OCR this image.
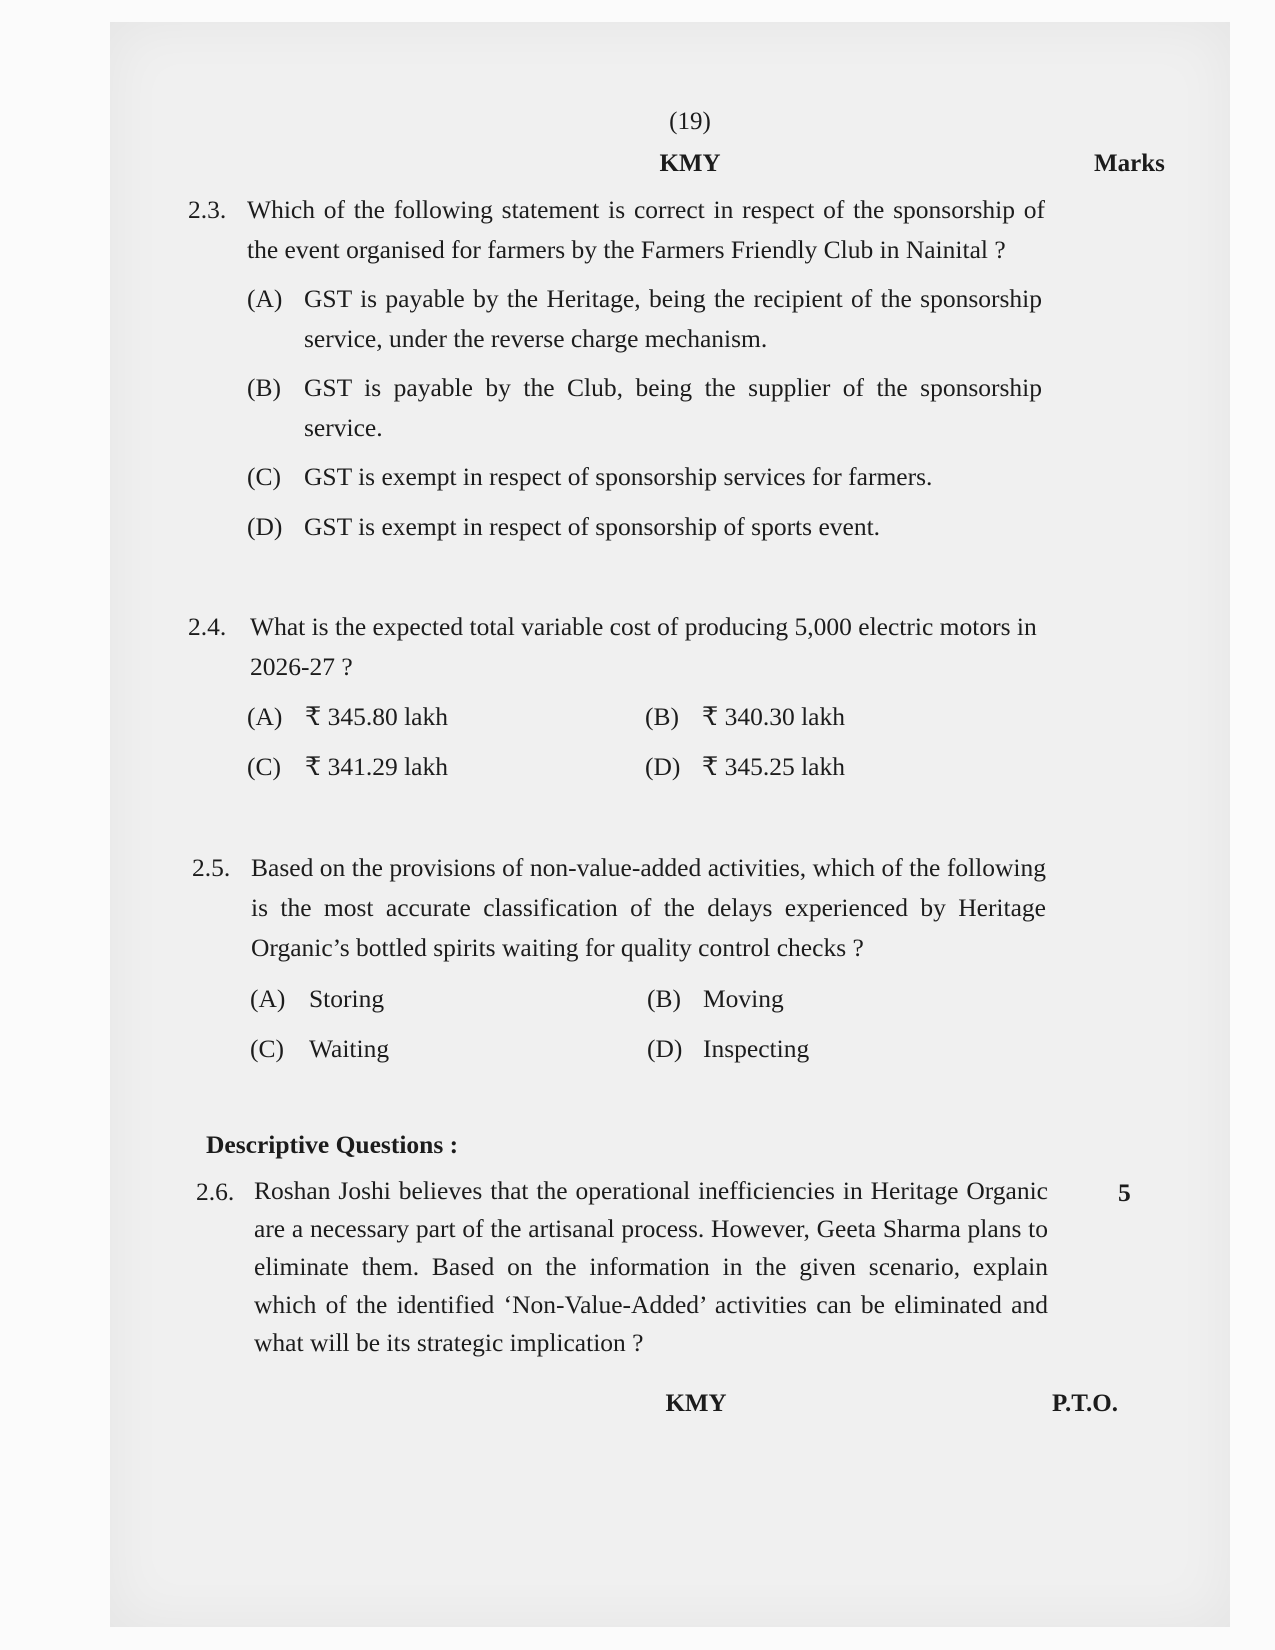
(19)
KMY	Marks
2.3. Which of the following statement is correct in respect of the sponsorship of the event organised for farmers by the Farmers Friendly Club in Nainital ?
(A) GST is payable by the Heritage, being the recipient of the sponsorship service, under the reverse charge mechanism.
(B) GST is payable by the Club, being the supplier of the sponsorship service.
(C) GST is exempt in respect of sponsorship services for farmers.
(D) GST is exempt in respect of sponsorship of sports event.
2.4. What is the expected total variable cost of producing 5,000 electric motors in 2026-27 ?
(A) ₹ 345.80 lakh	(B) ₹ 340.30 lakh
(C) ₹ 341.29 lakh	(D) ₹ 345.25 lakh
2.5. Based on the provisions of non-value-added activities, which of the following is the most accurate classification of the delays experienced by Heritage Organic’s bottled spirits waiting for quality control checks ?
(A) Storing	(B) Moving
(C) Waiting	(D) Inspecting
Descriptive Questions :
2.6. Roshan Joshi believes that the operational inefficiencies in Heritage Organic are a necessary part of the artisanal process. However, Geeta Sharma plans to eliminate them. Based on the information in the given scenario, explain which of the identified ‘Non-Value-Added’ activities can be eliminated and what will be its strategic implication ?
5
KMY	P.T.O.
